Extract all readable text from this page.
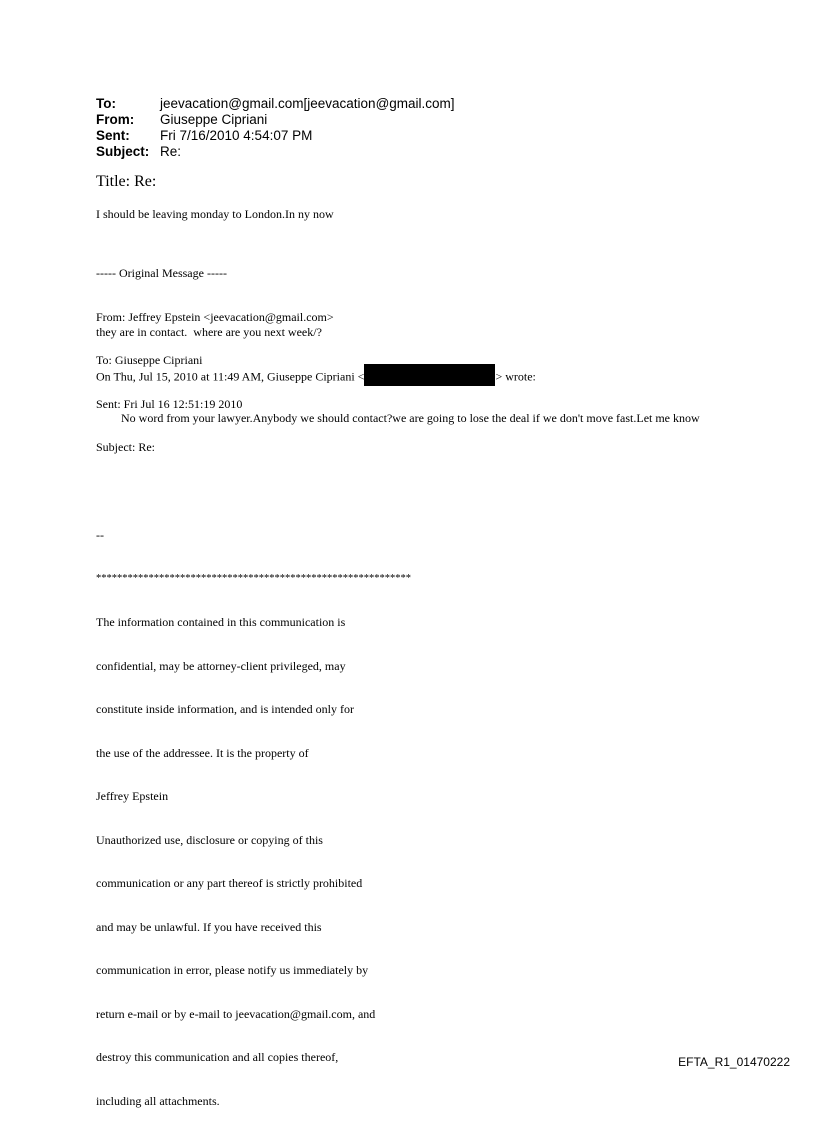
To:	jeevacation@gmail.com[jeevacation@gmail.com]
From:	Giuseppe Cipriani
Sent:	Fri 7/16/2010 4:54:07 PM
Subject: Re:
Title: Re:
I should be leaving monday to London.In ny now

----- Original Message -----

From: Jeffrey Epstein <jeevacation@gmail.com>

To: Giuseppe Cipriani

Sent: Fri Jul 16 12:51:19 2010

Subject: Re:

they are in contact.  where are you next week/?
On Thu, Jul 15, 2010 at 11:49 AM, Giuseppe Cipriani <	> wrote:
No word from your lawyer.Anybody we should contact?we are going to lose the deal if we don't move fast.Let me know

--

************************************************************

The information contained in this communication is

confidential, may be attorney-client privileged, may

constitute inside information, and is intended only for

the use of the addressee. It is the property of

Jeffrey Epstein

Unauthorized use, disclosure or copying of this

communication or any part thereof is strictly prohibited

and may be unlawful. If you have received this

communication in error, please notify us immediately by

return e-mail or by e-mail to jeevacation@gmail.com, and

destroy this communication and all copies thereof,

including all attachments.

EFTA_R1_01470222
